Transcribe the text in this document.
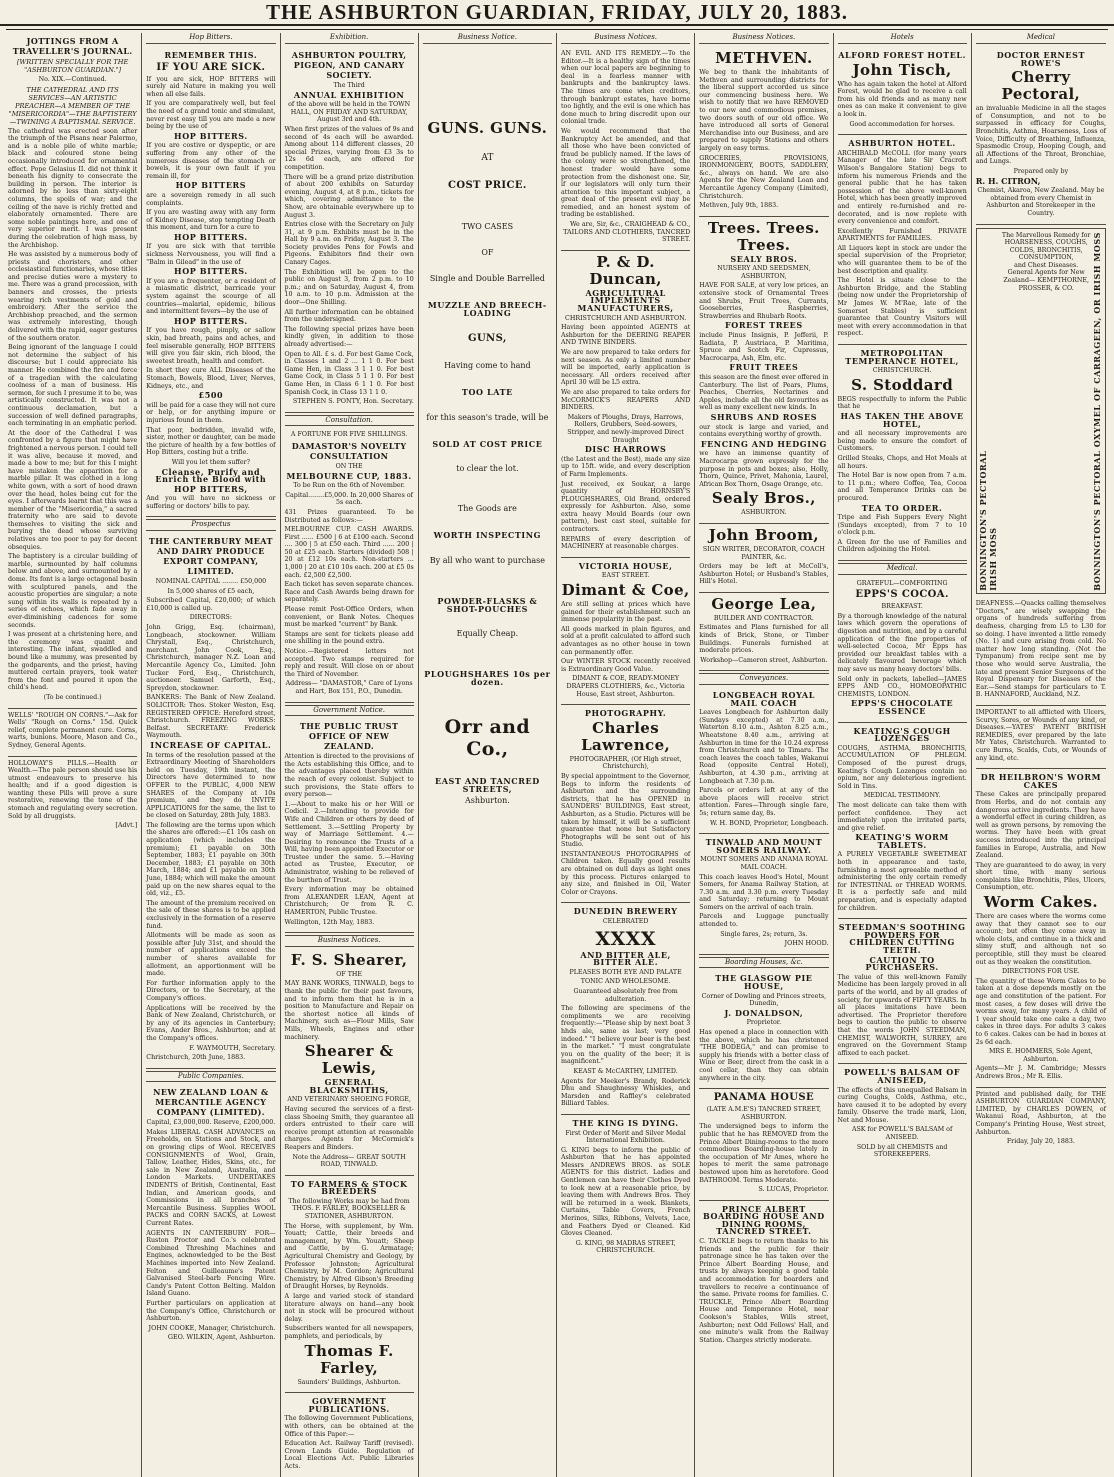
THE ASHBURTON GUARDIAN, FRIDAY, JULY 20, 1883.
JOTTINGS FROM A TRAVELLER'S JOURNAL.

[WRITTEN SPECIALLY FOR THE "ASHBURTON GUARDIAN."]

No. XIX.—Continued.

THE CATHEDRAL AND ITS SERVICES—AN ARTISTIC PREACHER—A MEMBER OF THE "MISERICORDIA"—THE BAPTISTERY —TWINING A BAPTISMAL SERVICE.

The cathedral was erected soon after the triumph of the Pisans near Palermo, and is a noble pile of white marble; black and coloured stone being occasionally introduced for ornamental effect. Pope Gelasius II. did not think it beneath his dignity to consecrate the building in person. The interior is adorned by no less than sixty-eight columns, the spoils of war; and the ceiling of the nave is richly fretted and elaborately ornamented. There are some noble paintings here, and one of very superior merit. I was present during the celebration of high mass, by the Archbishop.

He was assisted by a numerous body of priests and choristers, and other ecclesiastical functionaries, whose titles and precise duties were a mystery to me. There was a grand procession, with banners and crosses, the priests wearing rich vestments of gold and embroidery. After the service the Archbishop preached, and the sermon was extremely interesting, though delivered with the rapid, eager gestures of the southern orator.

Being ignorant of the language I could not determine the subject of his discourse; but I could appreciate his manner. He combined the fire and force of a tragedian with the calculating coolness of a man of business. His sermon, for such I presume it to be, was artistically constructed. It was not a continuous declamation, but a succession of well defined paragraphs, each terminating in an emphatic period.

At the door of the Cathedral I was confronted by a figure that might have frightened a nervous person. I could tell it was alive, because it moved, and made a bow to me; but for this I might have mistaken the apparition for a marble pillar. It was clothed in a long white gown, with a sort of hood drawn over the head, holes being cut for the eyes. I afterwards learnt that this was a member of the "Misericordia," a sacred fraternity who are said to devote themselves to visiting the sick and burying the dead whose surviving relatives are too poor to pay for decent obsequies.

The baptistery is a circular building of marble, surmounted by half columns below and above, and surmounted by a dome. Its font is a large octagonal basin with sculptured panels, and the acoustic properties are singular; a note sung within its walls is repeated by a series of echoes, which fade away in ever-diminishing cadences for some seconds.

I was present at a christening here, and the ceremony was quaint and interesting. The infant, swaddled and bound like a mummy, was presented by the godparents, and the priest, having muttered certain prayers, took water from the font and poured it upon the child's head.

(To be continued.)

WELLS' "ROUGH ON CORNS."—Ask for Wells' "Rough on Corns." 15d. Quick relief, complete permanent cure. Corns, warts, bunions. Moore, Mason and Co., Sydney, General Agents.

HOLLOWAY'S PILLS.—Health or Wealth.—The pale person should use his utmost endeavours to preserve his health; and if a good digestion is wanting these Pills will prove a sure restorative, renewing the tone of the stomach and regulating every secretion. Sold by all druggists.

[Advt.]

Hop Bitters.

REMEMBER THIS.

IF YOU ARE SICK.

If you are sick, HOP BITTERS will surely aid Nature in making you well when all else fails.

If you are comparatively well, but feel the need of a grand tonic and stimulant, never rest easy till you are made a new being by the use of

HOP BITTERS.

If you are costive or dyspeptic, or are suffering from any other of the numerous diseases of the stomach or bowels, it is your own fault if you remain ill, for

HOP BITTERS

are a sovereign remedy in all such complaints.

If you are wasting away with any form of Kidney Disease, stop tempting Death this moment, and turn for a cure to

HOP BITTERS.

If you are sick with that terrible sickness Nervousness, you will find a "Balm in Gilead" in the use of

HOP BITTERS.

If you are a frequenter, or a resident of a miasmatic district, barricade your system against the scourge of all countries—malarial, epidemic, bilious and intermittent fevers—by the use of

HOP BITTERS.

If you have rough, pimply, or sallow skin, bad breath, pains and aches, and feel miserable generally, HOP BITTERS will give you fair skin, rich blood, the sweetest breath, health and comfort.

In short they cure ALL Diseases of the Stomach, Bowels, Blood, Liver, Nerves, Kidneys, etc., and

£500

will be paid for a case they will not cure or help, or for anything impure or injurious found in them.

That poor, bedridden, invalid wife, sister, mother or daughter, can be made the picture of health by a few bottles of Hop Bitters, costing but a trifle.

Will you let them suffer?

Cleanse, Purify and Enrich the Blood with

HOP BITTERS,

And you will have no sickness or suffering or doctors' bills to pay.

Prospectus
THE CANTERBURY MEAT AND DAIRY PRODUCE EXPORT COMPANY, LIMITED.

NOMINAL CAPITAL ........ £50,000

In 5,000 shares of £5 each,

Subscribed Capital, £20,000; of which £10,000 is called up.

DIRECTORS:

John Grigg, Esq. (chairman), Longbeach, stockowner. William Chrystall, Esq., Christchurch, merchant. John Cook, Esq., Christchurch, manager N.Z. Loan and Mercantile Agency Co., Limited. John Tucker Ford, Esq., Christchurch, auctioneer. Samuel Garforth, Esq., Spreydon, stockowner.

BANKERS: The Bank of New Zealand. SOLICITOR: Thos. Stoker Weston, Esq. REGISTERED OFFICE: Hereford street, Christchurch. FREEZING WORKS: Belfast. SECRETARY: Frederick Waymouth.

INCREASE OF CAPITAL.

In terms of the resolution passed at the Extraordinary Meeting of Shareholders held on Tuesday, 19th instant, the Directors have determined to now OFFER to the PUBLIC, 4,000 NEW SHARES of the Company at 10s premium, and they do INVITE APPLICATIONS for the same, the list to be closed on Saturday, 28th July, 1883.

The following are the terms upon which the shares are offered:—£1 10s cash on application (which includes the premium); £1 payable on 30th September, 1883; £1 payable on 30th December, 1883; £1 payable on 30th March, 1884; and £1 payable on 30th June, 1884; which will make the amount paid up on the new shares equal to the old, viz., £5.

The amount of the premium received on the sale of these shares is to be applied exclusively in the formation of a reserve fund.

Allotments will be made as soon as possible after July 31st, and should the number of applications exceed the number of shares available for allotment, an apportionment will be made.

For further information apply to the Directors, or to the Secretary, at the Company's offices.

Applications will be received by the Bank of New Zealand, Christchurch, or by any of its agencies in Canterbury; Evans, Ander Bros., Ashburton; and at the Company's offices.

F. WAYMOUTH, Secretary.

Christchurch, 20th June, 1883.

Public Companies.
NEW ZEALAND LOAN & MERCANTILE AGENCY COMPANY (LIMITED).

Capital, £3,000,000. Reserve, £200,000.

Makes LIBERAL CASH ADVANCES on Freeholds, on Stations and Stock, and on growing clips of Wool. RECEIVES CONSIGNMENTS of Wool, Grain, Tallow, Leather, Hides, Skins, etc., for sale in New Zealand, Australia, and London Markets. UNDERTAKES INDENTS of British, Continental, East Indian, and American goods, and Commissions in all branches of Mercantile Business. Supplies WOOL PACKS and CORN SACKS, at Lowest Current Rates.

AGENTS IN CANTERBURY FOR— Ruston Proctor and Co.'s celebrated Combined Threshing Machines and Engines, acknowledged to be the Best Machines imported into New Zealand. Felton and Guilleaume's Patent Galvanised Steel-barb Fencing Wire. Candy's Patent Cotton Belting. Maldon Island Guano.

Further particulars on application at the Company's Office, Christchurch or Ashburton.

JOHN COOKE, Manager, Christchurch.

GEO. WILKIN, Agent, Ashburton.

Exhibition.
ASHBURTON POULTRY, PIGEON, AND CANARY SOCIETY.

The Third

ANNUAL EXHIBITION

of the above will be held in the TOWN HALL, ON FRIDAY AND SATURDAY, August 3rd and 4th.

When first prizes of the values of 9s and second of 4s each will be awarded. Among about 114 different classes, 20 special Prizes, varying from £3 3s to 12s 6d each, are offered for competition.

There will be a grand prize distribution of about 200 exhibits on Saturday evening, August 4, at 8 p.m., tickets for which, covering admittance to the Show, are obtainable everywhere up to August 3.

Entries close with the Secretary on July 31, at 9 p.m. Exhibits must be in the Hall by 9 a.m. on Friday, August 3. The Society provides Pens for Fowls and Pigeons. Exhibitors find their own Canary Cages.

The Exhibition will be open to the public on August 3, from 2 p.m. to 10 p.m.; and on Saturday, August 4, from 10 a.m. to 10 p.m. Admission at the door—One Shilling.

All further information can be obtained from the undersigned.

The following special prizes have been kindly given, in addition to those already advertised:—

Open to All. £ s. d. For best Game Cock, in Classes 1 and 2 ... 1 1 0. For best Game Hen, in Class 3 1 1 0. For best Game Cock, in Class 5 1 1 0. For best Game Hen, in Class 6 1 1 0. For best Spanish Cock, in Class 13 1 1 0.

STEPHEN S. PONTY, Hon. Secretary.

Consultation.

A FORTUNE FOR FIVE SHILLINGS.

DAMASTOR'S NOVELTY CONSULTATION

ON THE

MELBOURNE CUP, 1883.

To be Run on the 6th of November.

Capital........£5,000. In 20,000 Shares of 5s each.

431 Prizes guaranteed. To be Distributed as follows:—

MELBOURNE CUP. CASH AWARDS. First ...... £500 | 6 at £100 each. Second .... 300 | 5 at £50 each. Third ...... 200 | 50 at £25 each. Starters (divided) 508 | 20 at £12 10s each. Non-starters ... 1,000 | 20 at £10 10s each. 200 at £5 0s each. £2,500 £2,500.

Each ticket has seven separate chances. Race and Cash Awards being drawn for separately.

Please remit Post-Office Orders, when convenient, or Bank Notes. Cheques must be marked "current" by Bank.

Stamps are sent for tickets please add one shilling in the pound extra.

Notice.—Registered letters not accepted. Two stamps required for reply and result. Will close on or about the Third of November.

Address— "DAMASTOR," Care of Lyons and Hart, Box 151, P.O., Dunedin.

Government Notice.
THE PUBLIC TRUST OFFICE OF NEW ZEALAND.

Attention is directed to the provisions of the Acts establishing this Office, and to the advantages placed thereby within the reach of every colonist. Subject to such provisions, the State offers to every person—

1.—About to make his or her Will or Codicil. 2.—Intending to provide for Wife and Children or others by deed of Settlement. 3.—Settling Property by way of Marriage Settlement. 4.—Desiring to renounce the Trusts of a Will, having been appointed Executor or Trustee under the same. 5.—Having acted as Trustee, Executor, or Administrator, wishing to be relieved of the burthen of Trust.

Every information may be obtained from ALEXANDER LEAN, Agent at Christchurch; Or from R. C. HAMERTON, Public Trustee.

Wellington, 12th May, 1883.

Business Notices.
F. S. Shearer,

OF THE

MAY BANK WORKS, TINWALD, begs to thank the public for their past favours, and to inform them that he is in a position to Manufacture and Repair on the shortest notice all kinds of Machinery, such as—Flour Mills, Saw Mills, Wheels, Engines and other machinery.

Shearer & Lewis,

GENERAL BLACKSMITHS,

AND VETERINARY SHOEING FORGE,

Having secured the services of a first-class Shoeing Smith, they guarantee all orders entrusted to their care will receive prompt attention at reasonable charges. Agents for McCormick's Reapers and Binders.

Note the Address— GREAT SOUTH ROAD, TINWALD.

TO FARMERS & STOCK BREEDERS

The following Works may be had from THOS. F. FARLEY, BOOKSELLER & STATIONER, ASHBURTON.

The Horse, with supplement, by Wm. Youatt; Cattle, their breeds and management, by Wm. Youatt; Sheep and Cattle, by G. Armatage; Agricultural Chemistry and Geology, by Professor Johnston; Agricultural Chemistry, by M. Gordon; Agricultural Chemistry, by Alfred Gibson's Breeding of Draught Horses, by Reynolds.

A large and varied stock of standard literature always on hand—any book not in stock will be procured without delay.

Subscribers wanted for all newspapers, pamphlets, and periodicals, by

Thomas F. Farley,

Saunders' Buildings, Ashburton.

GOVERNMENT PUBLICATIONS.

The following Government Publications, with others, can be obtained at the Office of this Paper:—

Education Act. Railway Tariff (revised). Crown Lands Guide. Regulation of Local Elections Act. Public Libraries Acts.

Business Notice.
GUNS. GUNS.

AT

COST PRICE.

TWO CASES

OF

Single and Double Barrelled

MUZZLE AND BREECH-LOADING

GUNS,

Having come to hand

TOO LATE

for this season's trade, will be

SOLD AT COST PRICE

to clear the lot.

The Goods are

WORTH INSPECTING

By all who want to purchase

POWDER-FLASKS & SHOT-POUCHES

Equally Cheap.

PLOUGHSHARES 10s per dozen.

Orr and Co.,

EAST AND TANCRED STREETS,

Ashburton.

Business Notices.

AN EVIL AND ITS REMEDY.—To the Editor.—It is a healthy sign of the times when our local papers are beginning to deal in a fearless manner with bankrupts and the bankruptcy laws. The times are come when creditors, through bankrupt estates, have borne too lightly, and the evil is one which has done much to bring discredit upon our colonial trade.

We would recommend that the Bankruptcy Act be amended, and that all those who have been convicted of fraud be publicly named. If the laws of the colony were so strengthened, the honest trader would have some protection from the dishonest one. Sir, if our legislators will only turn their attention to this important subject, a great deal of the present evil may be remedied, and an honest system of trading be established.

We are, Sir, &c., CRAIGHEAD & CO., TAILORS AND CLOTHIERS, TANCRED STREET.

P. & D. Duncan,

AGRICULTURAL IMPLEMENTS MANUFACTURERS,

CHRISTCHURCH AND ASHBURTON.

Having been appointed AGENTS at Ashburton for the DEERING REAPER AND TWINE BINDERS.

We are now prepared to take orders for next season. As only a limited number will be imported, early application is necessary. All orders received after April 30 will be L5 extra.

We are also prepared to take orders for McCORMICK'S REAPERS AND BINDERS.

Makers of Ploughs, Drays, Harrows, Rollers, Grubbers, Seed-sowers, Stripper, and newly-improved Direct Draught

DISC HARROWS

(the Latest and the Best), made any size up to 15ft. wide, and every description of Farm Implements.

Just received, ex Soukar, a large quantity of HORNSBY'S PLOUGHSHARES, Old Brand, ordered expressly for Ashburton. Also, some extra heavy Mould Boards (our own pattern), best cast steel, suitable for contractors.

REPAIRS of every description of MACHINERY at reasonable charges.

VICTORIA HOUSE,

EAST STREET.

Dimant & Coe,

Are still selling at prices which have gained for their establishment such an immense popularity in the past.

All goods marked in plain figures, and sold at a profit calculated to afford such advantages as no other house in town can permanently offer.

Our WINTER STOCK recently received is Extraordinary Good Value.

DIMANT & COE, READY-MONEY DRAPERS CLOTHIERS, &c., Victoria House, East street, Ashburton.

PHOTOGRAPHY.

Charles Lawrence,

PHOTOGRAPHER, (Of High street, Christchurch),

By special appointment to the Governor, Begs to inform the residents of Ashburton and the surrounding districts, that he has OPENED in SAUNDERS' BUILDINGS, East street, Ashburton, as a Studio. Pictures will be taken by himself, it will be a sufficient guarantee that none but Satisfactory Photographs will be sent out of his Studio.

INSTANTANEOUS PHOTOGRAPHS of Children taken. Equally good results are obtained on dull days as light ones by this process. Pictures enlarged to any size, and finished in Oil, Water Color or Crayons.

DUNEDIN BREWERY

CELEBRATED

XXXX

AND BITTER ALE, BITTER ALE.

PLEASES BOTH EYE AND PALATE

TONIC AND WHOLESOME.

Guaranteed absolutely free from adulteration.

The following are specimens of the compliments we are receiving frequently:—"Please ship by next boat 3 hhds ale, same as last; very good indeed." "I believe your beer is the best in the market." "I must congratulate you on the quality of the beer; it is magnificent."

KEAST & McCARTHY, LIMITED.

Agents for Meeker's Brandy, Roderick Dhu and Shaughnessy Whiskies, and Marsden and Raffley's celebrated Billiard Tables.

THE KING IS DYING.

First Order of Merit and Silver Medal International Exhibition.

G. KING begs to inform the public of Ashburton that he has appointed Messrs ANDREWS BROS. as SOLE AGENTS for this district. Ladies and Gentlemen can have their Clothes Dyed to look new at a reasonable price, by leaving them with Andrews Bros. They will be returned in a week. Blankets, Curtains, Table Covers, French Merinos, Silks, Ribbons, Velvets, Lace, and Feathers Dyed or Cleaned. Kid Gloves Cleaned.

G. KING, 98 MADRAS STREET, CHRISTCHURCH.

Business Notices.
METHVEN.

We beg to thank the inhabitants of Methven and surrounding districts for the liberal support accorded us since our commencing business here. We wish to notify that we have REMOVED to our new and commodious premises, two doors south of our old office. We have introduced all sorts of General Merchandise into our Business, and are prepared to supply Stations and others largely on easy terms.

GROCERIES, PROVISIONS, IRONMONGERY, BOOTS, SADDLERY, &c., always on hand. We are also Agents for the New Zealand Loan and Mercantile Agency Company (Limited), Christchurch.

Methven, July 9th, 1883.

Trees. Trees. Trees.

SEALY BROS.

NURSERY AND SEEDSMEN, ASHBURTON,

HAVE FOR SALE, at very low prices, an extensive stock of Ornamental Trees and Shrubs, Fruit Trees, Currants, Gooseberries, Raspberries, Strawberries and Rhubarb Roots.

FOREST TREES

include Pinus Insignis, P. Jefferii, P. Radiata, P. Austriaca, P. Maritima, Spruce and Scotch Fir, Cupressus, Macrocarpa, Ash, Elm, etc.

FRUIT TREES

this season are the finest ever offered in Canterbury. The list of Pears, Plums, Peaches, Cherries, Nectarines and Apples, include all the old favourites as well as many excellent new kinds. In

SHRUBS AND ROSES

our stock is large and varied, and contains everything worthy of growth.

FENCING AND HEDGING

we have an immense quantity of Macrocarpa grown expressly for the purpose in pots and boxes; also, Holly, Thorn, Quince, Privet, Mahonia, Laurel, African Box Thorn, Osage Orange, etc.

Sealy Bros.,

ASHBURTON.

John Broom,

SIGN WRITER, DECORATOR, COACH PAINTER, &c.

Orders may be left at McColl's, Ashburton Hotel; or Husband's Stables, Hill's Hotel.

George Lea,

BUILDER AND CONTRACTOR.

Estimates and Plans furnished for all kinds of Brick, Stone, or Timber Buildings. Funerals furnished at moderate prices.

Workshop—Cameron street, Ashburton.

Conveyances.

LONGBEACH ROYAL MAIL COACH

Leaves Longbeach for Ashburton daily (Sundays excepted) at 7.30 a.m., Waterton 8.10 a.m., Ashton 8.25 a.m., Wheatstone 8.40 a.m., arriving at Ashburton in time for the 10.24 express from Christchurch and to Timaru. The coach leaves the coach tables, Wakanui Road (opposite Central Hotel), Ashburton, at 4.30 p.m., arriving at Longbeach at 7.30 p.m.

Parcels or orders left at any of the above places will receive strict attention. Fares—Through single fare, 5s; return same day, 8s.

W. H. BOND, Proprietor, Longbeach.

TINWALD AND MOUNT SOMERS RAILWAY.

MOUNT SOMERS AND ANAMA ROYAL MAIL COACH.

This coach leaves Hood's Hotel, Mount Somers, for Anama Railway Station, at 7.30 a.m. and 3.30 p.m. every Tuesday and Saturday; returning to Mount Somers on the arrival of each train.

Parcels and Luggage punctually attended to.

Single fares, 2s; return, 3s.

JOHN HOOD.

Boarding Houses, &c.

THE GLASGOW PIE HOUSE,

Corner of Dowling and Princes streets, Dunedin,

J. DONALDSON,

Proprietor.

Has opened a place in connection with the above, which he has christened "THE BODEGA," and can promise to supply his friends with a better class of Wine or Beer, direct from the cask in a cool cellar, than they can obtain anywhere in the city.

PANAMA HOUSE

(LATE A.M.E'S) TANCRED STREET, ASHBURTON.

The undersigned begs to inform the public that he has REMOVED from the Prince Albert Dining-rooms to the more commodious Boarding-house lately in the occupation of Mr Ames, where he hopes to merit the same patronage bestowed upon him as heretofore. Good BATHROOM. Terms Moderate.

S. LUCAS, Proprietor.

PRINCE ALBERT BOARDING HOUSE AND DINING ROOMS, TANCRED STREET.

C. TACKLE begs to return thanks to his friends and the public for their patronage since he has taken over the Prince Albert Boarding House, and trusts by always keeping a good table and accommodation for boarders and travellers to receive a continuance of the same. Private rooms for families. C. TRUCKLE, Prince Albert Boarding House and Temperance Hotel, near Cookson's Stables, Wills street, Ashburton; next Odd Fellows' Hall, and one minute's walk from the Railway Station. Charges strictly moderate.

Hotels

ALFORD FOREST HOTEL.

John Tisch,

Who has again taken the hotel at Alford Forest, would be glad to receive a call from his old friends and as many new ones as can make it convenient to give a look in.

Good accommodation for horses.

ASHBURTON HOTEL.

ARCHIBALD McCOLL (for many years Manager of the late Sir Cracroft Wilson's Bangalore Station) begs to inform his numerous Friends and the general public that he has taken possession of the above well-known Hotel, which has been greatly improved and entirely re-furnished and re-decorated, and is now replete with every convenience and comfort.

Excellently Furnished PRIVATE APARTMENTS for FAMILIES.

All Liquors kept in stock are under the special supervision of the Proprietor, who will guarantee them to be of the best description and quality.

The Hotel is situate close to the Ashburton Bridge, and the Stabling (being now under the Proprietorship of Mr James W. M'Rae, late of the Somerset Stables) is sufficient guarantee that Country Visitors will meet with every accommodation in that respect.

METROPOLITAN TEMPERANCE HOTEL,

CHRISTCHURCH.

S. Stoddard

BEGS respectfully to inform the Public that he

HAS TAKEN THE ABOVE HOTEL,

and all necessary improvements are being made to ensure the comfort of Customers.

Grilled Steaks, Chops, and Hot Meals at all hours.

The Hotel Bar is now open from 7 a.m. to 11 p.m.; where Coffee, Tea, Cocoa and all Temperance Drinks can be procured.

TEA TO ORDER.

Tripe and Fish Suppers Every Night (Sundays excepted), from 7 to 10 o'clock p.m.

A Green for the use of Families and Children adjoining the Hotel.

Medical.

GRATEFUL—COMFORTING

EPPS'S COCOA.

BREAKFAST.

By a thorough knowledge of the natural laws which govern the operations of digestion and nutrition, and by a careful application of the fine properties of well-selected Cocoa, Mr Epps has provided our breakfast tables with a delicately flavoured beverage which may save us many heavy doctors' bills.

Sold only in packets, labelled—JAMES EPPS AND CO., HOMOEOPATHIC CHEMISTS, LONDON.

EPPS'S CHOCOLATE ESSENCE

KEATING'S COUGH LOZENGES

COUGHS, ASTHMA, BRONCHITIS, ACCUMULATION OF PHLEGM. Composed of the purest drugs, Keating's Cough Lozenges contain no opium, nor any deleterious ingredient. Sold in Tins.

MEDICAL TESTIMONY.

The most delicate can take them with perfect confidence. They act immediately upon the irritated parts, and give relief.

KEATING'S WORM TABLETS.

A PURELY VEGETABLE SWEETMEAT both in appearance and taste, furnishing a most agreeable method of administering the only certain remedy for INTESTINAL or THREAD WORMS. It is a perfectly safe and mild preparation, and is especially adapted for children.

STEEDMAN'S SOOTHING POWDERS FOR CHILDREN CUTTING TEETH.

CAUTION TO PURCHASERS.

The value of this well-known Family Medicine has been largely proved in all parts of the world, and by all grades of society, for upwards of FIFTY YEARS. In all places imitations have been advertised. The Proprietor therefore begs to caution the public to observe that the words JOHN STEEDMAN, CHEMIST, WALWORTH, SURREY, are engraved on the Government Stamp affixed to each packet.

POWELL'S BALSAM OF ANISEED,

The effects of this unequalled Balsam in curing Coughs, Colds, Asthma, etc., have caused it to be adopted by every family. Observe the trade mark, Lion, Net and Mouse.

ASK for POWELL'S BALSAM of ANISEED.

SOLD by all CHEMISTS and STOREKEEPERS.

Medical

DOCTOR ERNEST ROWE'S

Cherry Pectoral,

an invaluable Medicine in all the stages of Consumption, and not to be surpassed in efficacy for Coughs, Bronchitis, Asthma, Hoarseness, Loss of Voice, Difficulty of Breathing, Influenza, Spasmodic Croup, Hooping Cough, and all Affections of the Throat, Bronchiae, and Lungs.

Prepared only by

R. H. CITRON,

Chemist, Akaroa, New Zealand. May be obtained from every Chemist in Ashburton and Storekeeper in the Country.

BONNINGTON'S PECTORAL IRISH MOSS

The Marvellous Remedy for

HOARSENESS, COUGHS, COLDS, BRONCHITIS, CONSUMPTION,

and Chest Diseases.

General Agents for New Zealand— KEMPTHORNE, PROSSER, & CO.	BONNINGTON'S PECTORAL OXYMEL OF CARRAGEEN, OR IRISH MOSS

DEAFNESS.—Quacks calling themselves "Doctors," are wisely swapping the organs of hundreds suffering from deafness, charging from L5 to L30 for so doing. I have invented a little remedy (No. 1) and cure arising from cold. No matter how long standing. (Not the Tympanum) from recipe sent me by those who would serve Australia, the late and present Senior Surgeons of the Royal Dispensary for Diseases of the Ear.—Send stamps for particulars to T. B. HANNAFORD, Auckland, N.Z.

IMPORTANT to all afflicted with Ulcers, Scurvy, Sores, or Wounds of any kind, or Diseases.—YATES' PATENT BRITISH REMEDIES, ever prepared by the late Mr Yates, Christchurch. Warranted to cure Burns, Scalds, Cuts, or Wounds of any kind, etc.

DR HEILBRON'S WORM CAKES

These Cakes are principally prepared from Herbs, and do not contain any dangerous active ingredients. They have a wonderful effect in curing children, as well as grown persons, by removing the worms. They have been with great success introduced into the principal families in Europe, Australia, and New Zealand.

They are guaranteed to do away, in very short time, with many serious complaints like Bronchitis, Piles, Ulcers, Consumption, etc.

Worm Cakes.

There are cases where the worms come away that they cannot see to our account; but often they come away in whole clots, and continue in a thick and slimy stuff, and although not so perceptible, still they must be cleared out as they weaken the constitution.

DIRECTIONS FOR USE.

The quantity of these Worm Cakes to be taken at a dose depends mostly on the age and constitution of the patient. For most cases, a few doses will drive the worms away, for many years. A child of 1 year should take one cake a day, two cakes in three days. For adults 3 cakes to 6 cakes. Cakes can be had in boxes at 2s 6d each.

MRS E. HOMMERS, Sole Agent, Ashburton.

Agents—Mr J. M. Cambridge; Messrs Andrews Bros.; Mr R. Ellis.

Printed and published daily, for THE ASHBURTON GUARDIAN COMPANY, LIMITED, by CHARLES DOWEN, of Wakanui Road, Ashburton, at the Company's Printing House, West street, Ashburton.

Friday, July 20, 1883.
